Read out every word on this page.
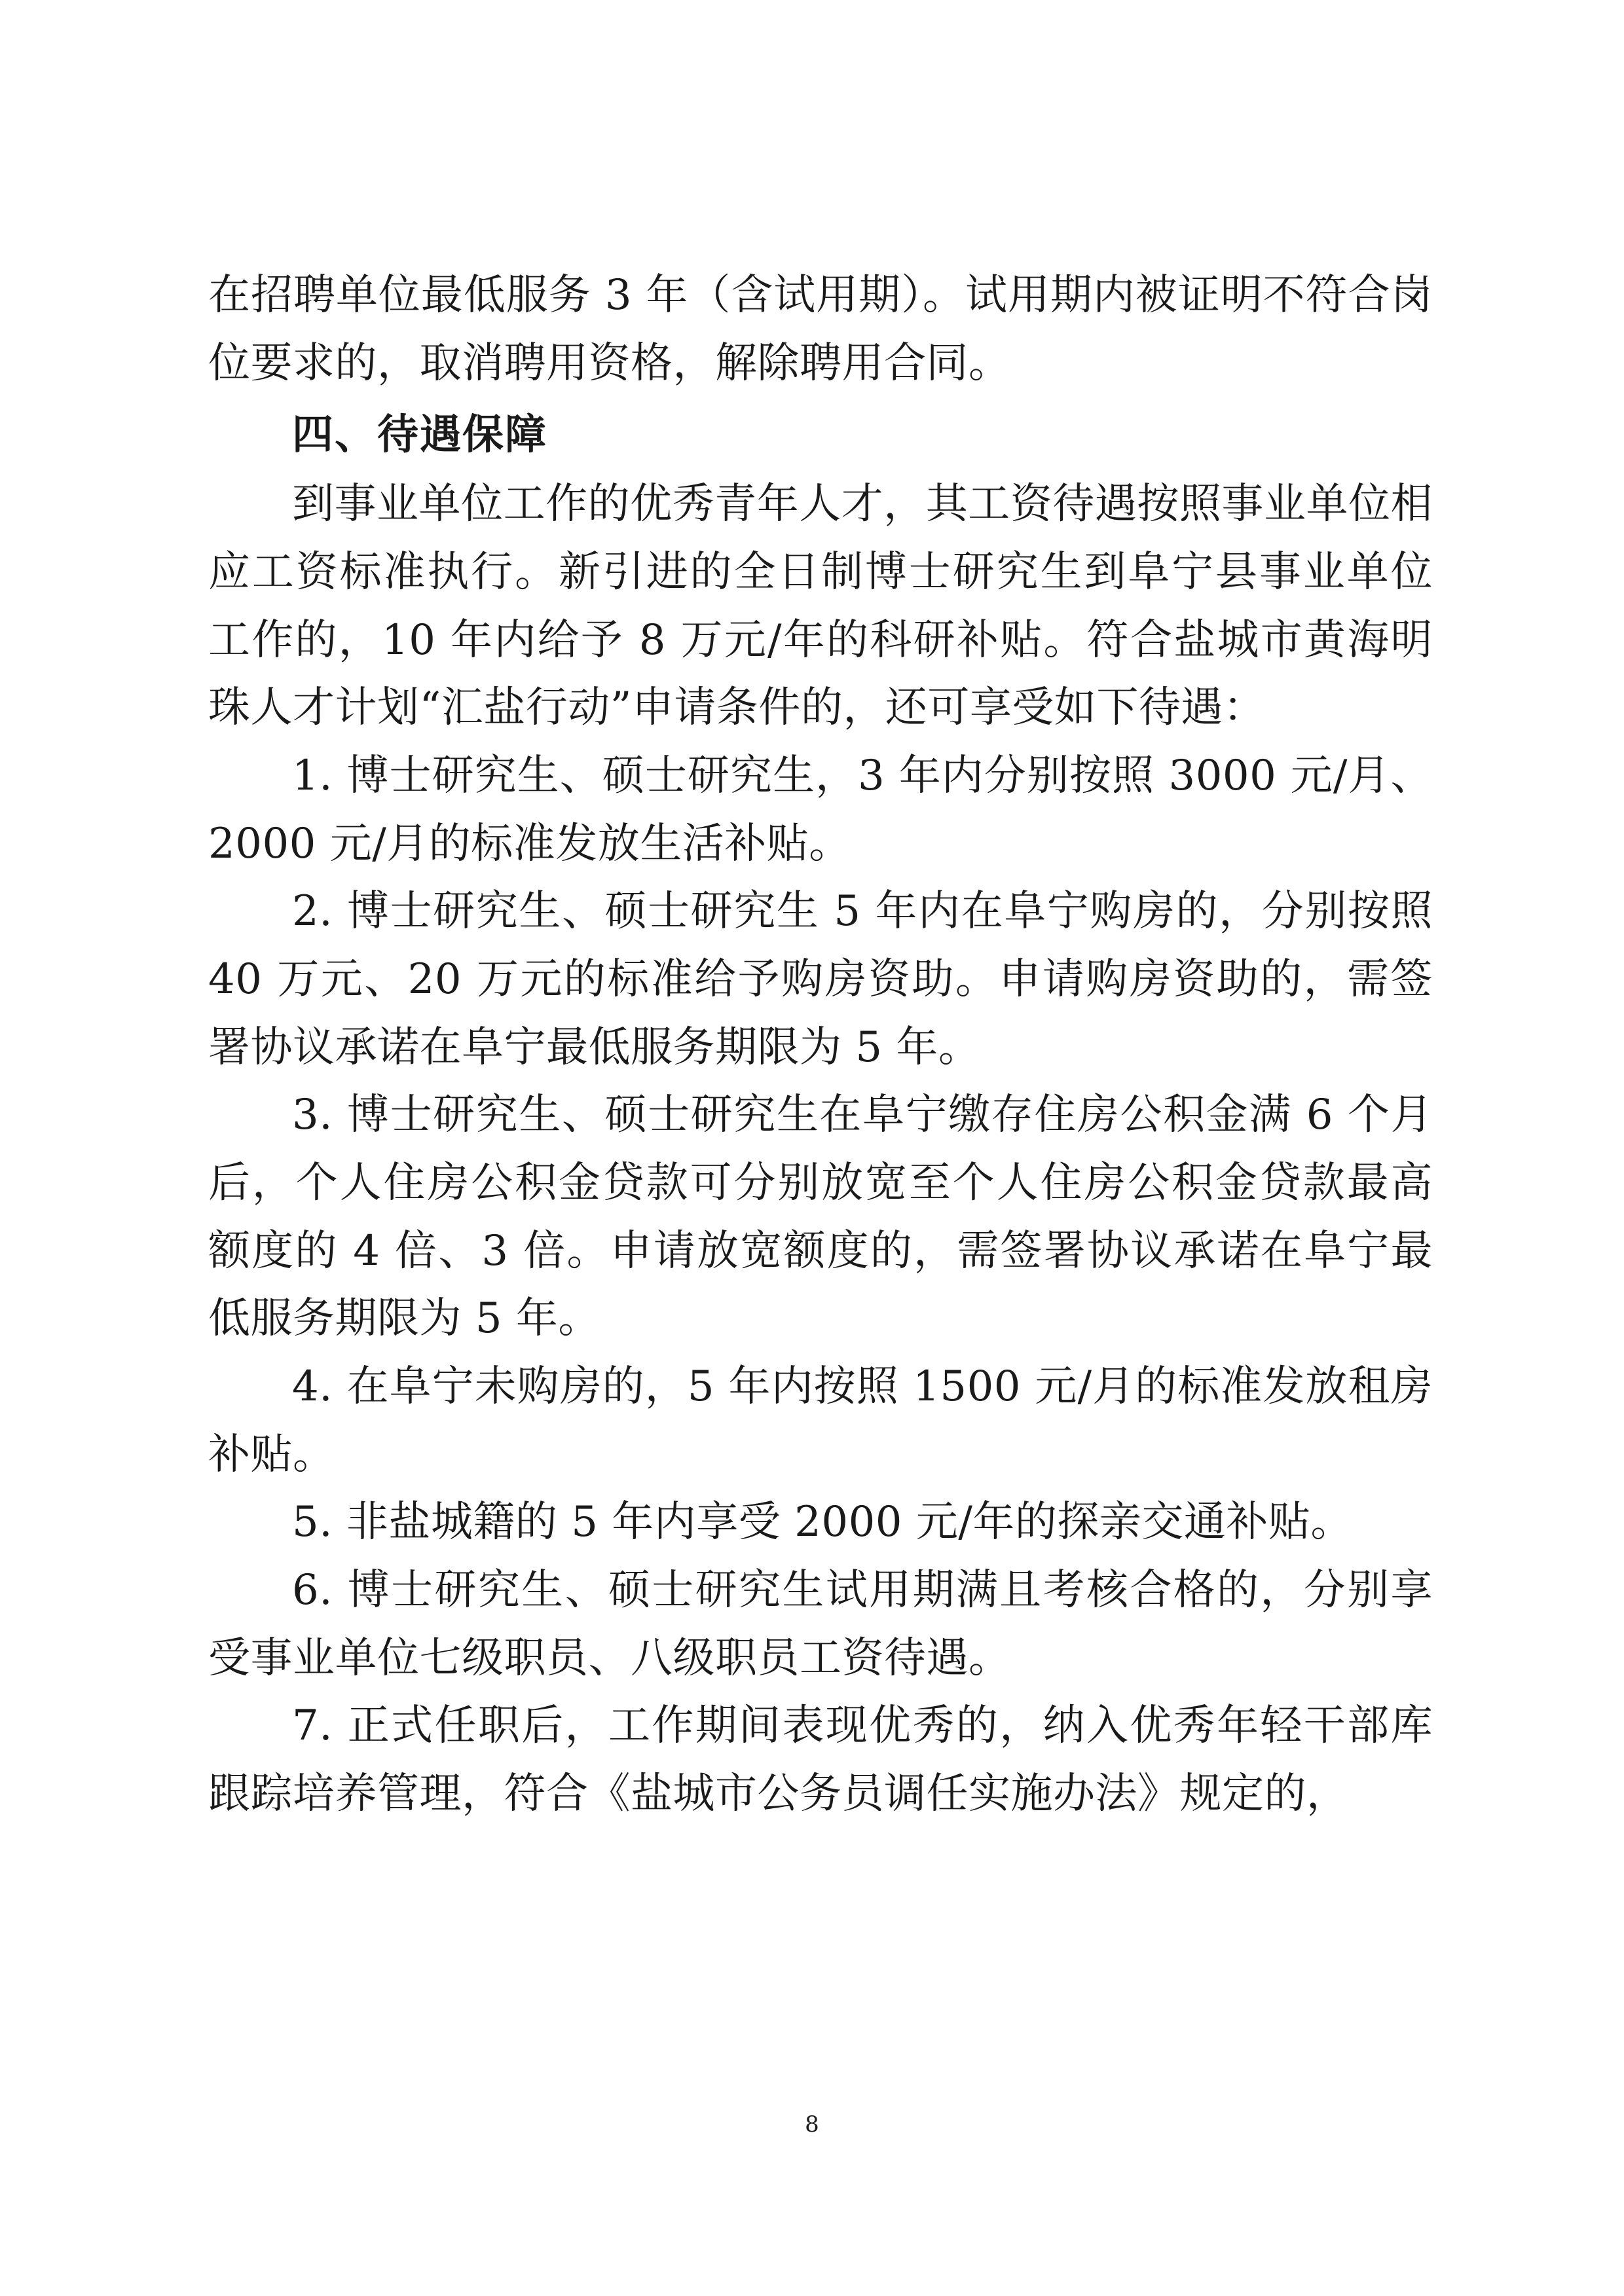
在招聘单位最低服务 3 年（含试用期）。试用期内被证明不符合岗位要求的，取消聘用资格，解除聘用合同。

四、待遇保障

到事业单位工作的优秀青年人才，其工资待遇按照事业单位相应工资标准执行。新引进的全日制博士研究生到阜宁县事业单位工作的，10 年内给予 8 万元/年的科研补贴。符合盐城市黄海明珠人才计划“汇盐行动”申请条件的，还可享受如下待遇：

1. 博士研究生、硕士研究生，3 年内分别按照 3000 元/月、2000 元/月的标准发放生活补贴。

2. 博士研究生、硕士研究生 5 年内在阜宁购房的，分别按照 40 万元、20 万元的标准给予购房资助。申请购房资助的，需签署协议承诺在阜宁最低服务期限为 5 年。

3. 博士研究生、硕士研究生在阜宁缴存住房公积金满 6 个月后，个人住房公积金贷款可分别放宽至个人住房公积金贷款最高额度的 4 倍、3 倍。申请放宽额度的，需签署协议承诺在阜宁最低服务期限为 5 年。

4. 在阜宁未购房的，5 年内按照 1500 元/月的标准发放租房补贴。

5. 非盐城籍的 5 年内享受 2000 元/年的探亲交通补贴。

6. 博士研究生、硕士研究生试用期满且考核合格的，分别享受事业单位七级职员、八级职员工资待遇。

7. 正式任职后，工作期间表现优秀的，纳入优秀年轻干部库跟踪培养管理，符合《盐城市公务员调任实施办法》规定的，

8
